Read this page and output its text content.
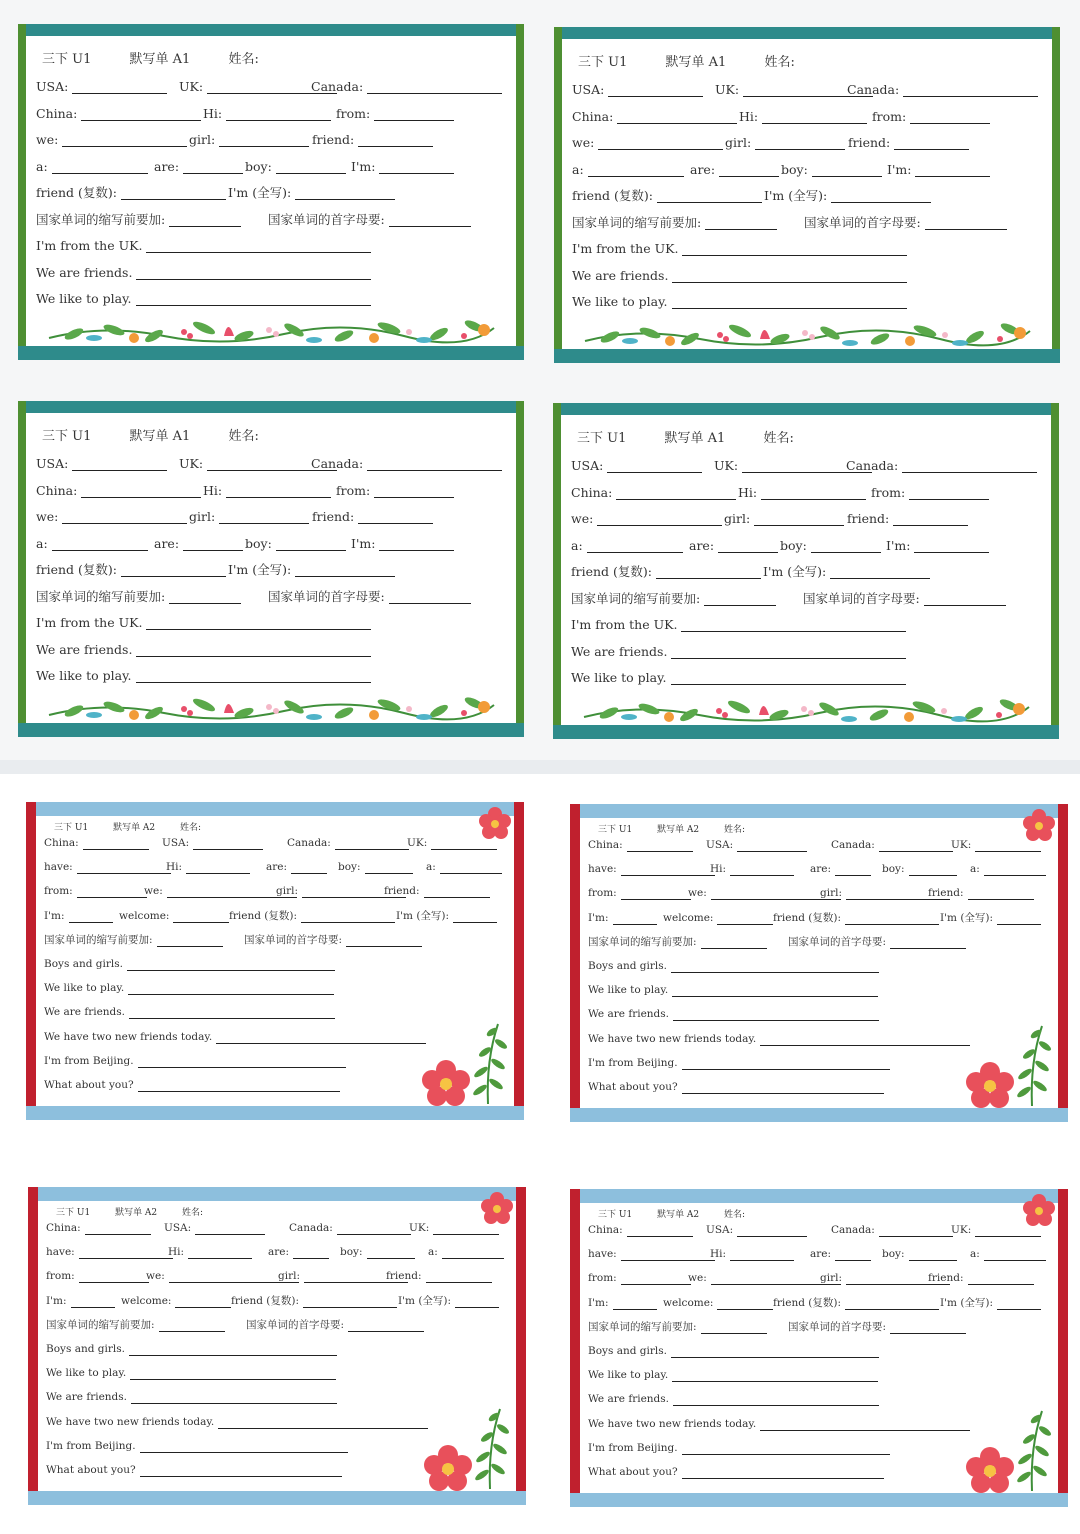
三下 U1	默写单 A1	姓名:
USA:	UK:	Canada:
China:	Hi:	from:
we:	girl:	friend:
a:	are:	boy:	I'm:
friend (复数):	I'm (全写):
国家单词的缩写前要加:	国家单词的首字母要:
I'm from the UK.
We are friends.
We like to play.
三下 U1	默写单 A1	姓名:
USA:	UK:	Canada:
China:	Hi:	from:
we:	girl:	friend:
a:	are:	boy:	I'm:
friend (复数):	I'm (全写):
国家单词的缩写前要加:	国家单词的首字母要:
I'm from the UK.
We are friends.
We like to play.
三下 U1	默写单 A1	姓名:
USA:	UK:	Canada:
China:	Hi:	from:
we:	girl:	friend:
a:	are:	boy:	I'm:
friend (复数):	I'm (全写):
国家单词的缩写前要加:	国家单词的首字母要:
I'm from the UK.
We are friends.
We like to play.
三下 U1	默写单 A1	姓名:
USA:	UK:	Canada:
China:	Hi:	from:
we:	girl:	friend:
a:	are:	boy:	I'm:
friend (复数):	I'm (全写):
国家单词的缩写前要加:	国家单词的首字母要:
I'm from the UK.
We are friends.
We like to play.
三下 U1	默写单 A2	姓名:
China:	USA:	Canada:	UK:
have:	Hi:	are:	boy:	a:
from:	we:	girl:	friend:
I'm:	welcome:	friend (复数):	I'm (全写):
国家单词的缩写前要加:	国家单词的首字母要:
Boys and girls.
We like to play.
We are friends.
We have two new friends today.
I'm from Beijing.
What about you?
三下 U1	默写单 A2	姓名:
China:	USA:	Canada:	UK:
have:	Hi:	are:	boy:	a:
from:	we:	girl:	friend:
I'm:	welcome:	friend (复数):	I'm (全写):
国家单词的缩写前要加:	国家单词的首字母要:
Boys and girls.
We like to play.
We are friends.
We have two new friends today.
I'm from Beijing.
What about you?
三下 U1	默写单 A2	姓名:
China:	USA:	Canada:	UK:
have:	Hi:	are:	boy:	a:
from:	we:	girl:	friend:
I'm:	welcome:	friend (复数):	I'm (全写):
国家单词的缩写前要加:	国家单词的首字母要:
Boys and girls.
We like to play.
We are friends.
We have two new friends today.
I'm from Beijing.
What about you?
三下 U1	默写单 A2	姓名:
China:	USA:	Canada:	UK:
have:	Hi:	are:	boy:	a:
from:	we:	girl:	friend:
I'm:	welcome:	friend (复数):	I'm (全写):
国家单词的缩写前要加:	国家单词的首字母要:
Boys and girls.
We like to play.
We are friends.
We have two new friends today.
I'm from Beijing.
What about you?
